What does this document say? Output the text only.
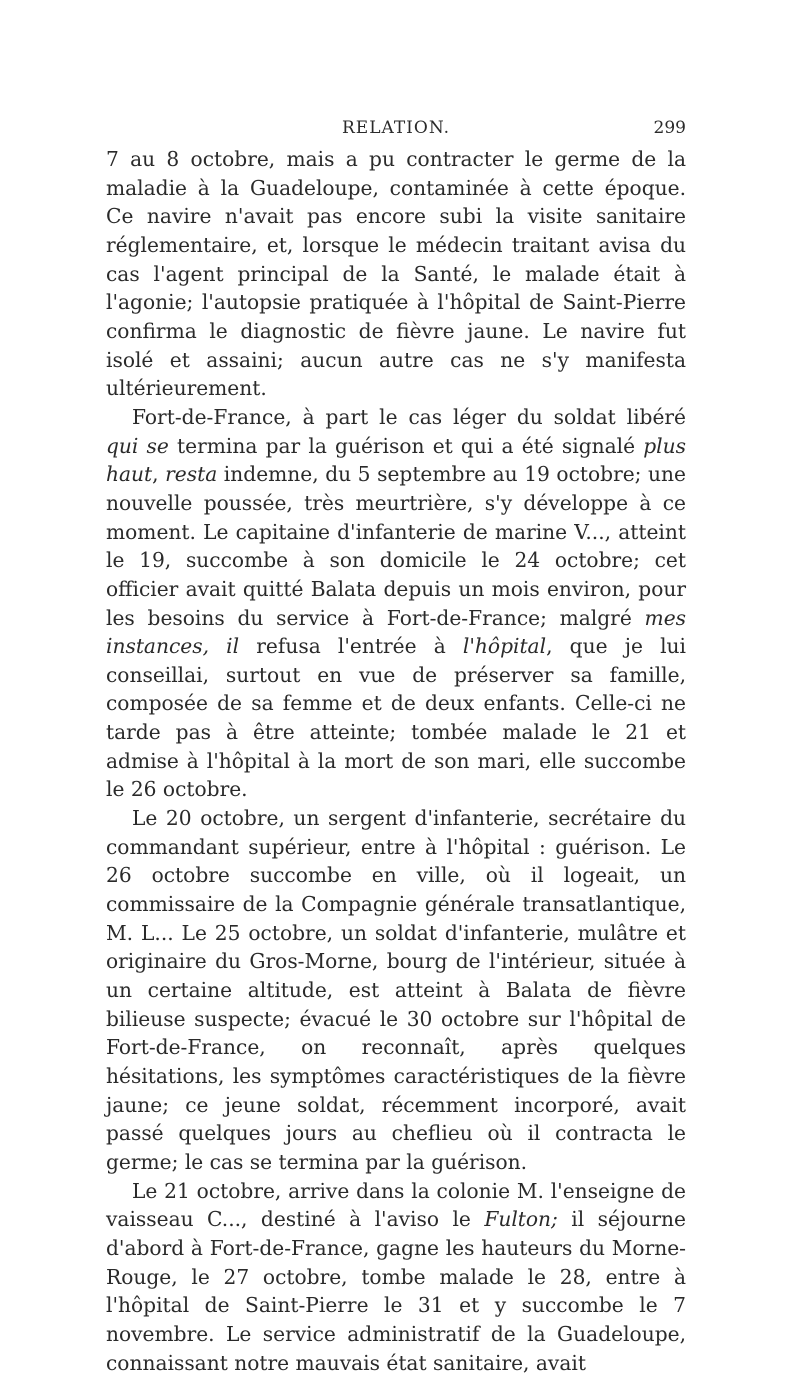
RELATION.	299

7 au 8 octobre, mais a pu contracter le germe de la maladie à la Guadeloupe, contaminée à cette époque. Ce navire n'avait pas encore subi la visite sanitaire réglementaire, et, lorsque le médecin traitant avisa du cas l'agent principal de la Santé, le malade était à l'agonie; l'autopsie pratiquée à l'hôpital de Saint-Pierre confirma le diagnostic de fièvre jaune. Le navire fut isolé et assaini; aucun autre cas ne s'y manifesta ultérieurement.

Fort-de-France, à part le cas léger du soldat libéré qui se termina par la guérison et qui a été signalé plus haut, resta indemne, du 5 septembre au 19 octobre; une nouvelle poussée, très meurtrière, s'y développe à ce moment. Le capitaine d'infanterie de marine V..., atteint le 19, succombe à son domicile le 24 octobre; cet officier avait quitté Balata depuis un mois environ, pour les besoins du service à Fort-de-France; malgré mes instances, il refusa l'entrée à l'hôpital, que je lui conseillai, surtout en vue de préserver sa famille, composée de sa femme et de deux enfants. Celle-ci ne tarde pas à être atteinte; tombée malade le 21 et admise à l'hôpital à la mort de son mari, elle succombe le 26 octobre.

Le 20 octobre, un sergent d'infanterie, secrétaire du commandant supérieur, entre à l'hôpital : guérison. Le 26 octobre succombe en ville, où il logeait, un commissaire de la Compagnie générale transatlantique, M. L... Le 25 octobre, un soldat d'infanterie, mulâtre et originaire du Gros-Morne, bourg de l'intérieur, située à un certaine altitude, est atteint à Balata de fièvre bilieuse suspecte; évacué le 30 octobre sur l'hôpital de Fort-de-France, on reconnaît, après quelques hésitations, les symptômes caractéristiques de la fièvre jaune; ce jeune soldat, récemment incorporé, avait passé quelques jours au cheflieu où il contracta le germe; le cas se termina par la guérison.

Le 21 octobre, arrive dans la colonie M. l'enseigne de vaisseau C..., destiné à l'aviso le Fulton; il séjourne d'abord à Fort-de-France, gagne les hauteurs du Morne-Rouge, le 27 octobre, tombe malade le 28, entre à l'hôpital de Saint-Pierre le 31 et y succombe le 7 novembre. Le service administratif de la Guadeloupe, connaissant notre mauvais état sanitaire, avait
